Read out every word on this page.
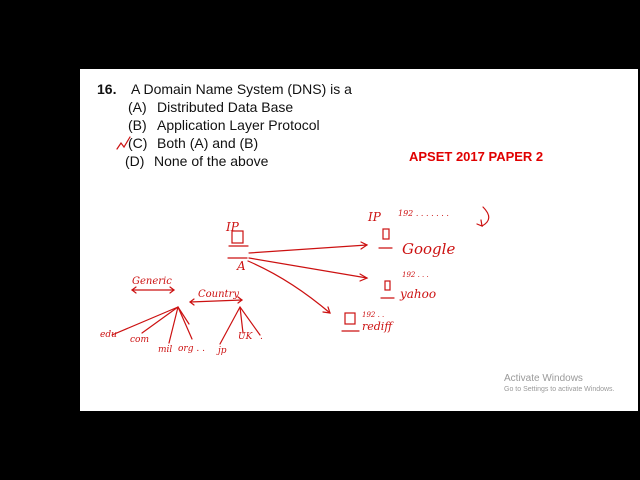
16. A Domain Name System (DNS) is a
(A) Distributed Data Base
(B) Application Layer Protocol
(C) Both (A) and (B)
(D) None of the above	APSET 2017 PAPER 2
IP
A
IP 192 . . . . . . .
192 . . .
192 . .
Google
yahoo
rediff
Generic
Country
edu com
mil org . . jp
UK .
Activate Windows
Go to Settings to activate Windows.
